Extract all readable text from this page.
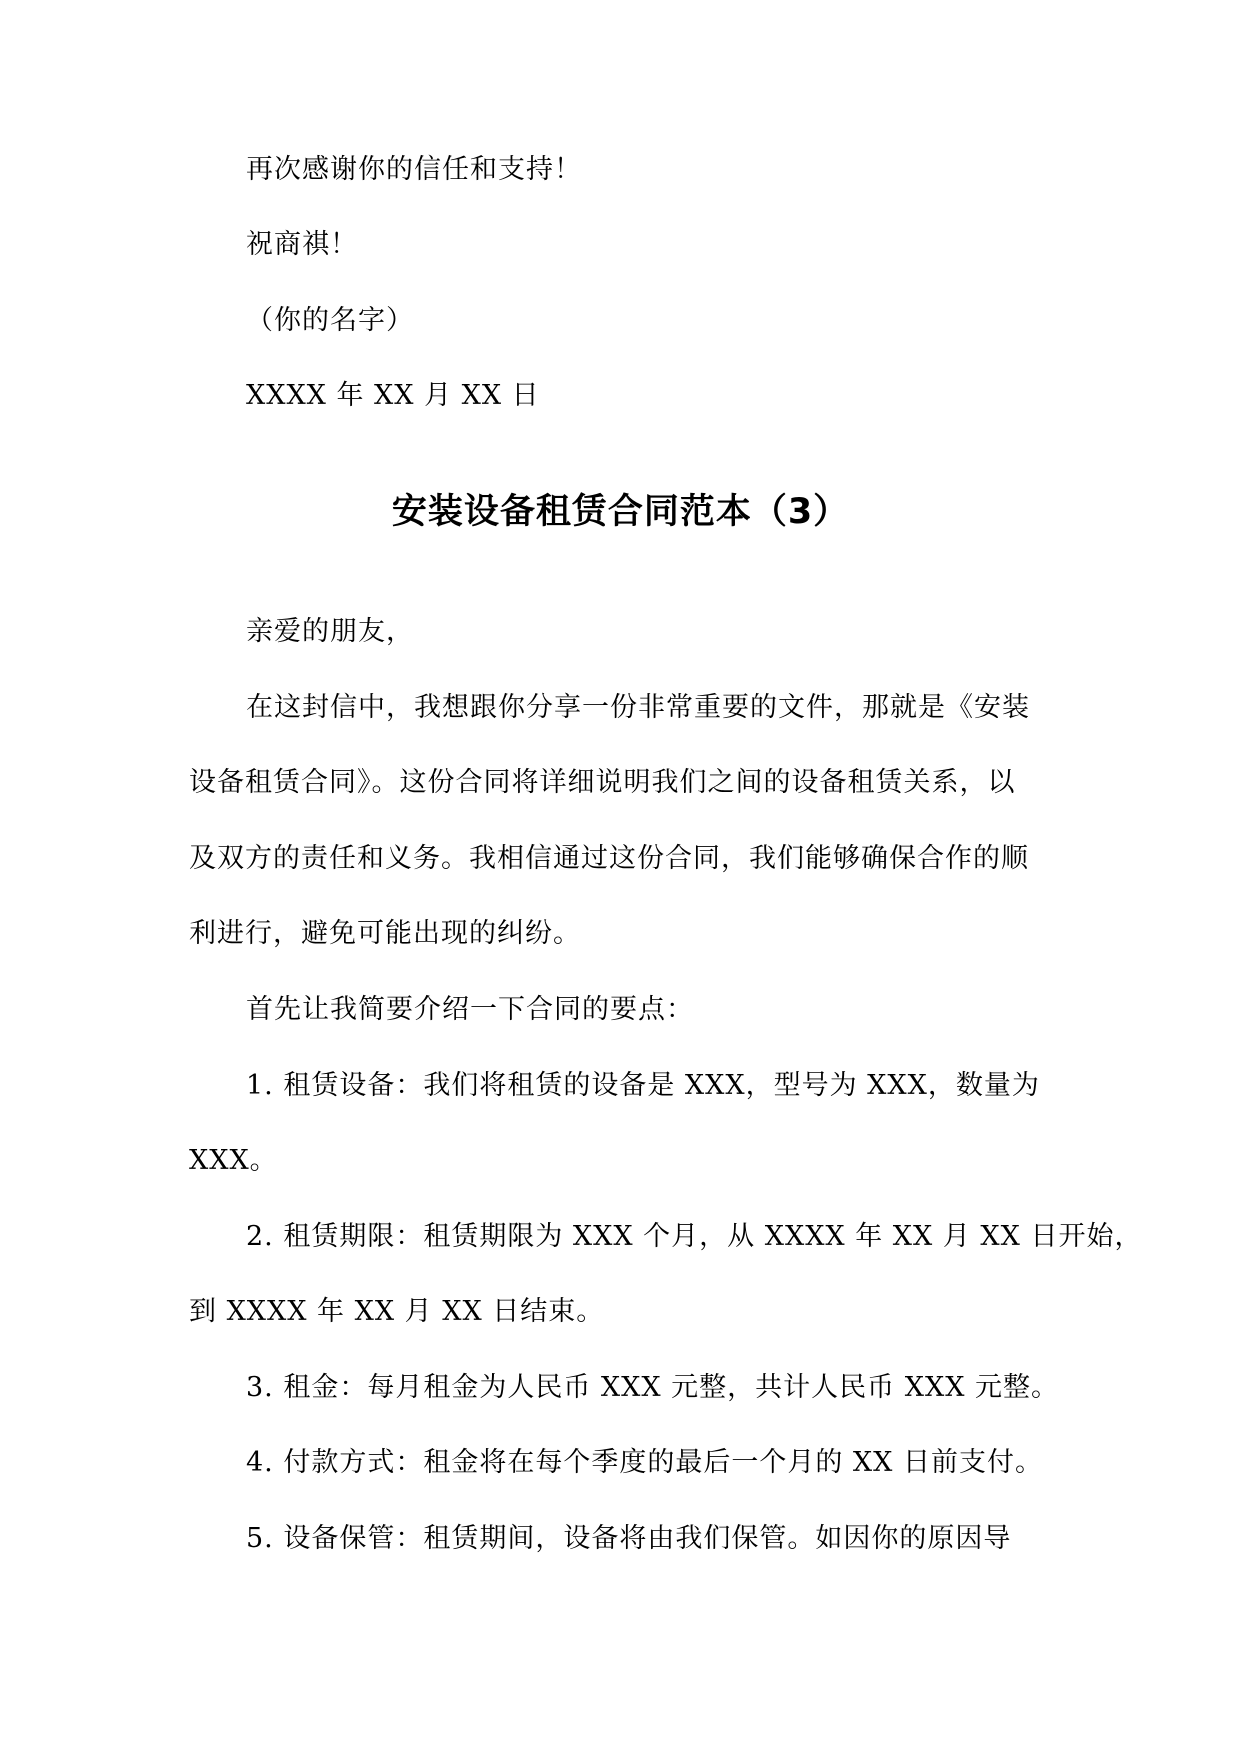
再次感谢你的信任和支持！
祝商祺！
（你的名字）
XXXX 年 XX 月 XX 日
安装设备租赁合同范本（3）
亲爱的朋友，
在这封信中，我想跟你分享一份非常重要的文件，那就是《安装
设备租赁合同》。这份合同将详细说明我们之间的设备租赁关系，以
及双方的责任和义务。我相信通过这份合同，我们能够确保合作的顺
利进行，避免可能出现的纠纷。
首先让我简要介绍一下合同的要点：
1. 租赁设备：我们将租赁的设备是 XXX，型号为 XXX，数量为
XXX。
2. 租赁期限：租赁期限为 XXX 个月，从 XXXX 年 XX 月 XX 日开始，
到 XXXX 年 XX 月 XX 日结束。
3. 租金：每月租金为人民币 XXX 元整，共计人民币 XXX 元整。
4. 付款方式：租金将在每个季度的最后一个月的 XX 日前支付。
5. 设备保管：租赁期间，设备将由我们保管。如因你的原因导
